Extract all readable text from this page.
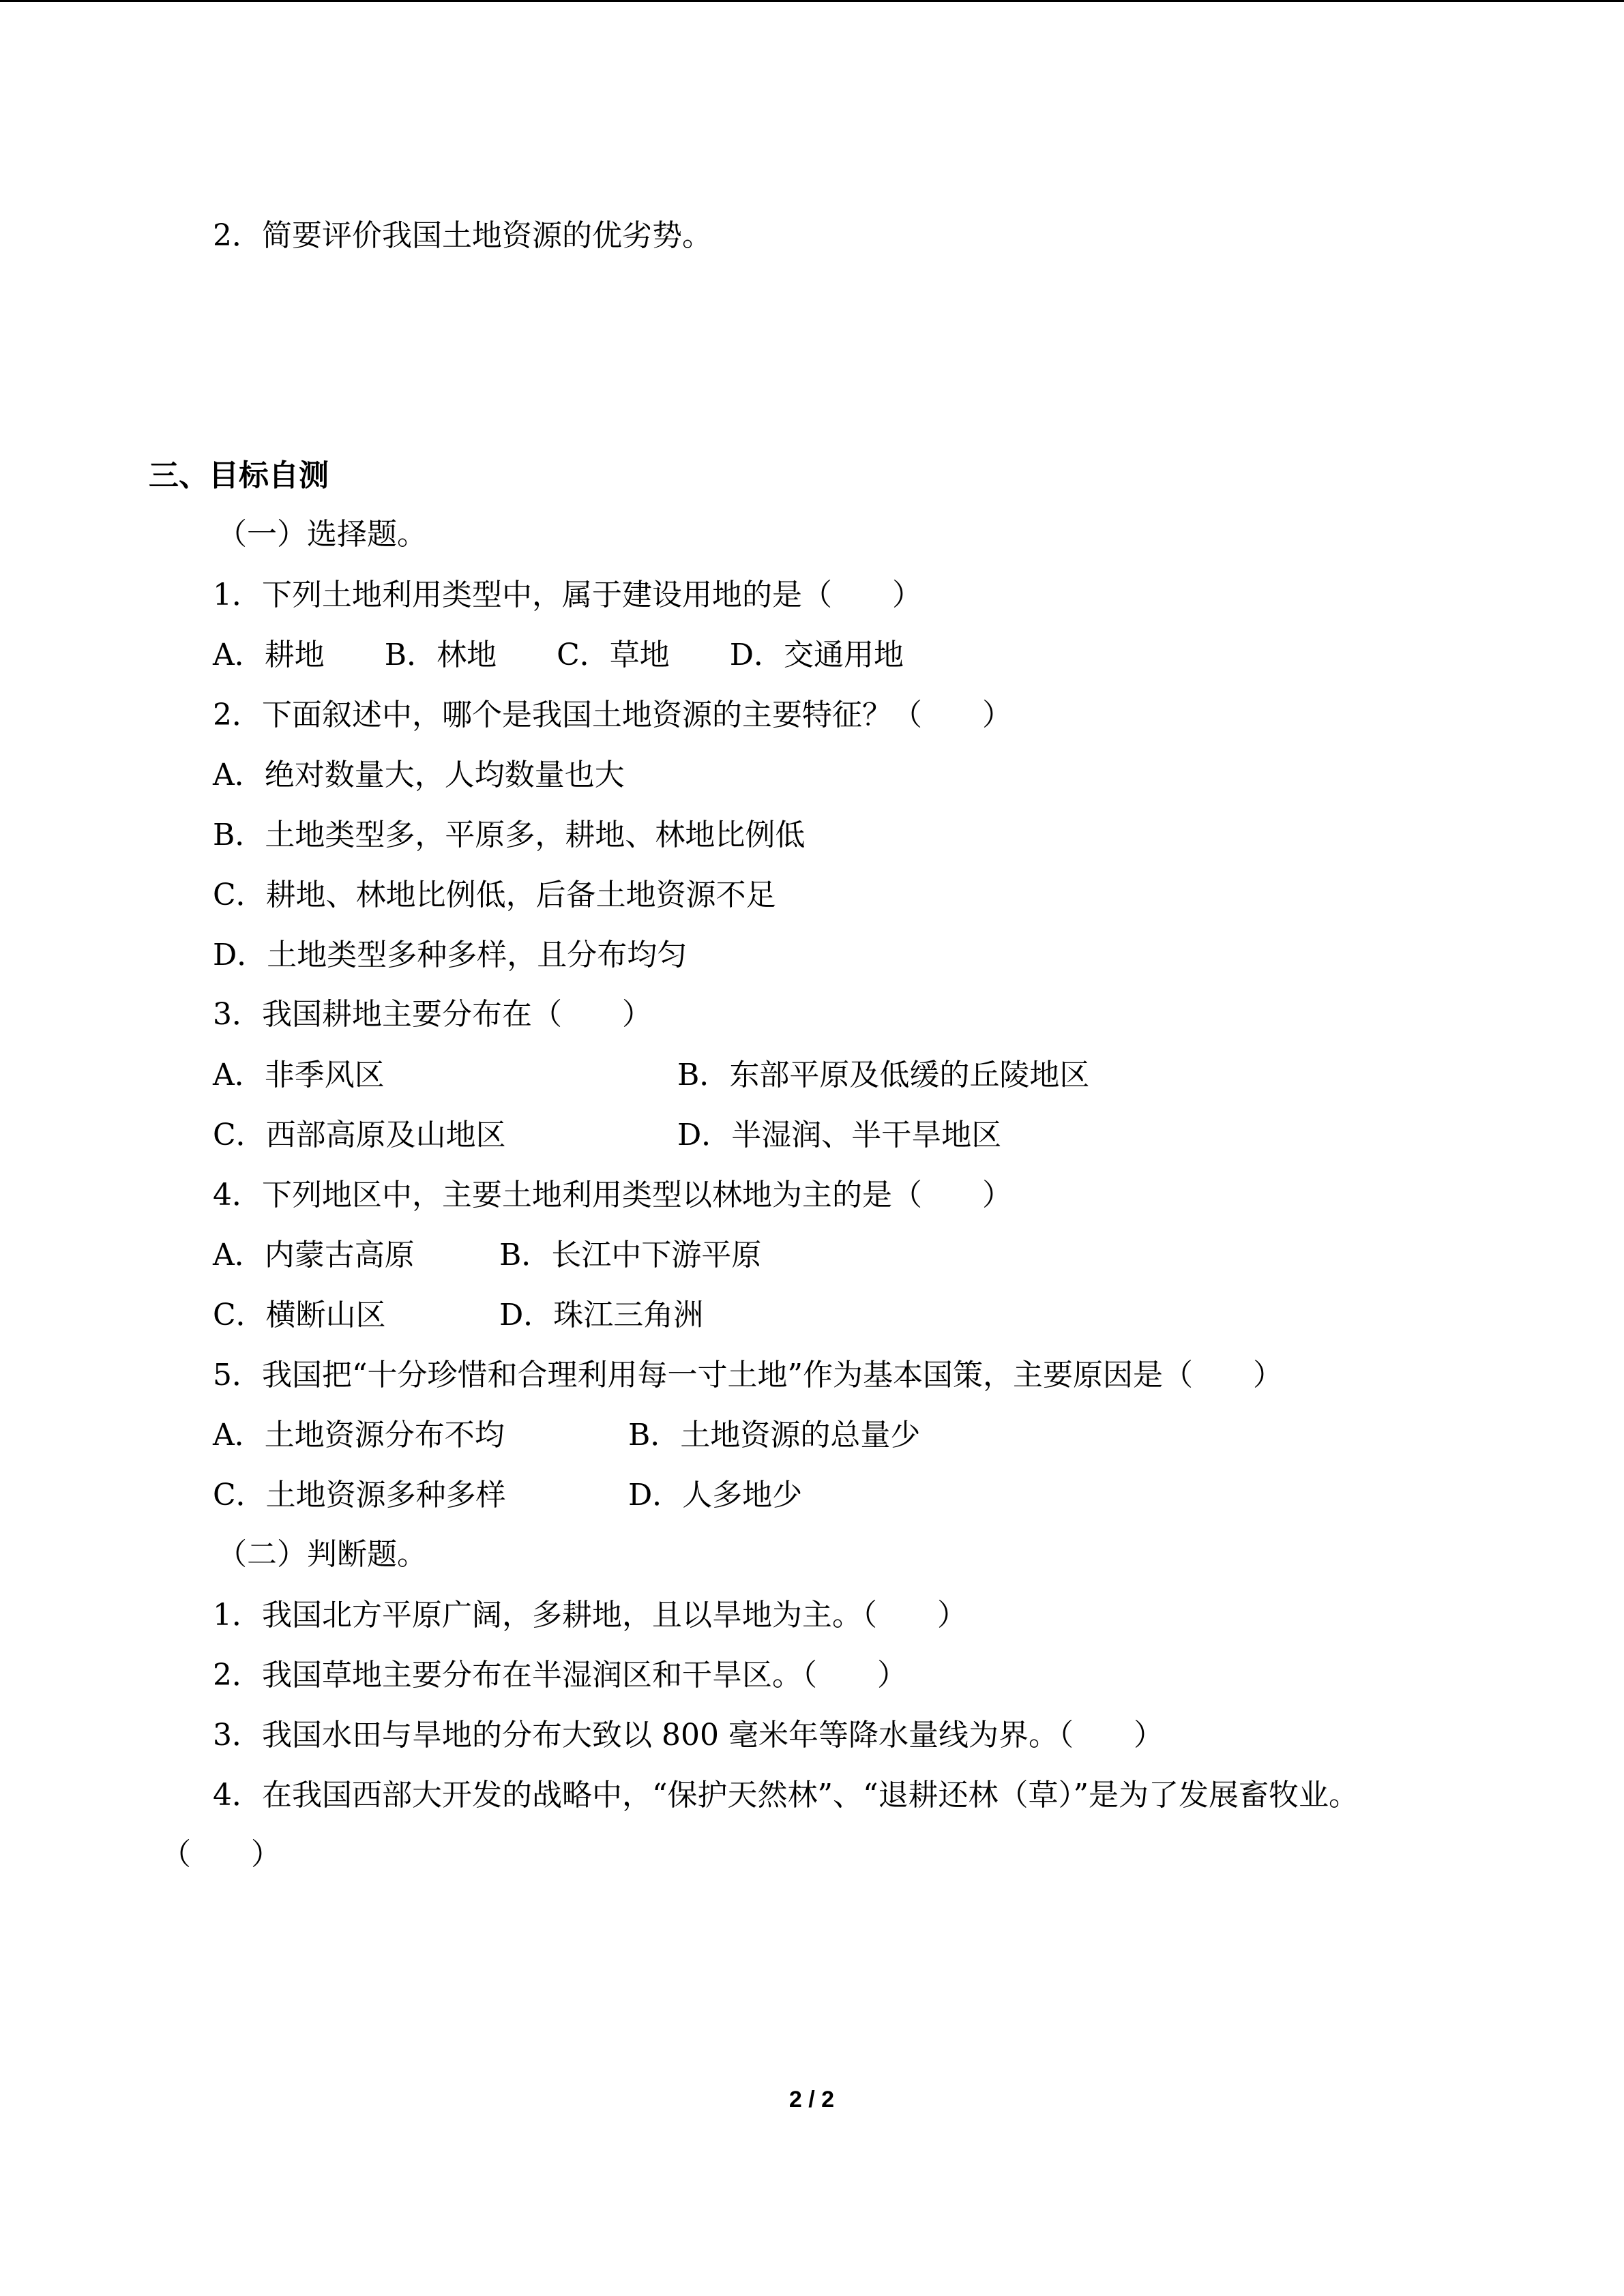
2．简要评价我国土地资源的优劣势。
三、目标自测
（一）选择题。
1．下列土地利用类型中，属于建设用地的是（　　）
A．耕地　　B．林地　　C．草地　　D．交通用地
2．下面叙述中，哪个是我国土地资源的主要特征？（　　）
A．绝对数量大，人均数量也大
B．土地类型多，平原多，耕地、林地比例低
C．耕地、林地比例低，后备土地资源不足
D．土地类型多种多样，且分布均匀
3．我国耕地主要分布在（　　）
A．非季风区	B．东部平原及低缓的丘陵地区
C．西部高原及山地区	D．半湿润、半干旱地区
4．下列地区中，主要土地利用类型以林地为主的是（　　）
A．内蒙古高原	B．长江中下游平原
C．横断山区	D．珠江三角洲
5．我国把“十分珍惜和合理利用每一寸土地”作为基本国策，主要原因是（　　）
A．土地资源分布不均	B．土地资源的总量少
C．土地资源多种多样	D．人多地少
（二）判断题。
1．我国北方平原广阔，多耕地，且以旱地为主。（　　）
2．我国草地主要分布在半湿润区和干旱区。（　　）
3．我国水田与旱地的分布大致以 800 毫米年等降水量线为界。（　　）
4．在我国西部大开发的战略中，“保护天然林”、“退耕还林（草）”是为了发展畜牧业。
（　　）
2 / 2
